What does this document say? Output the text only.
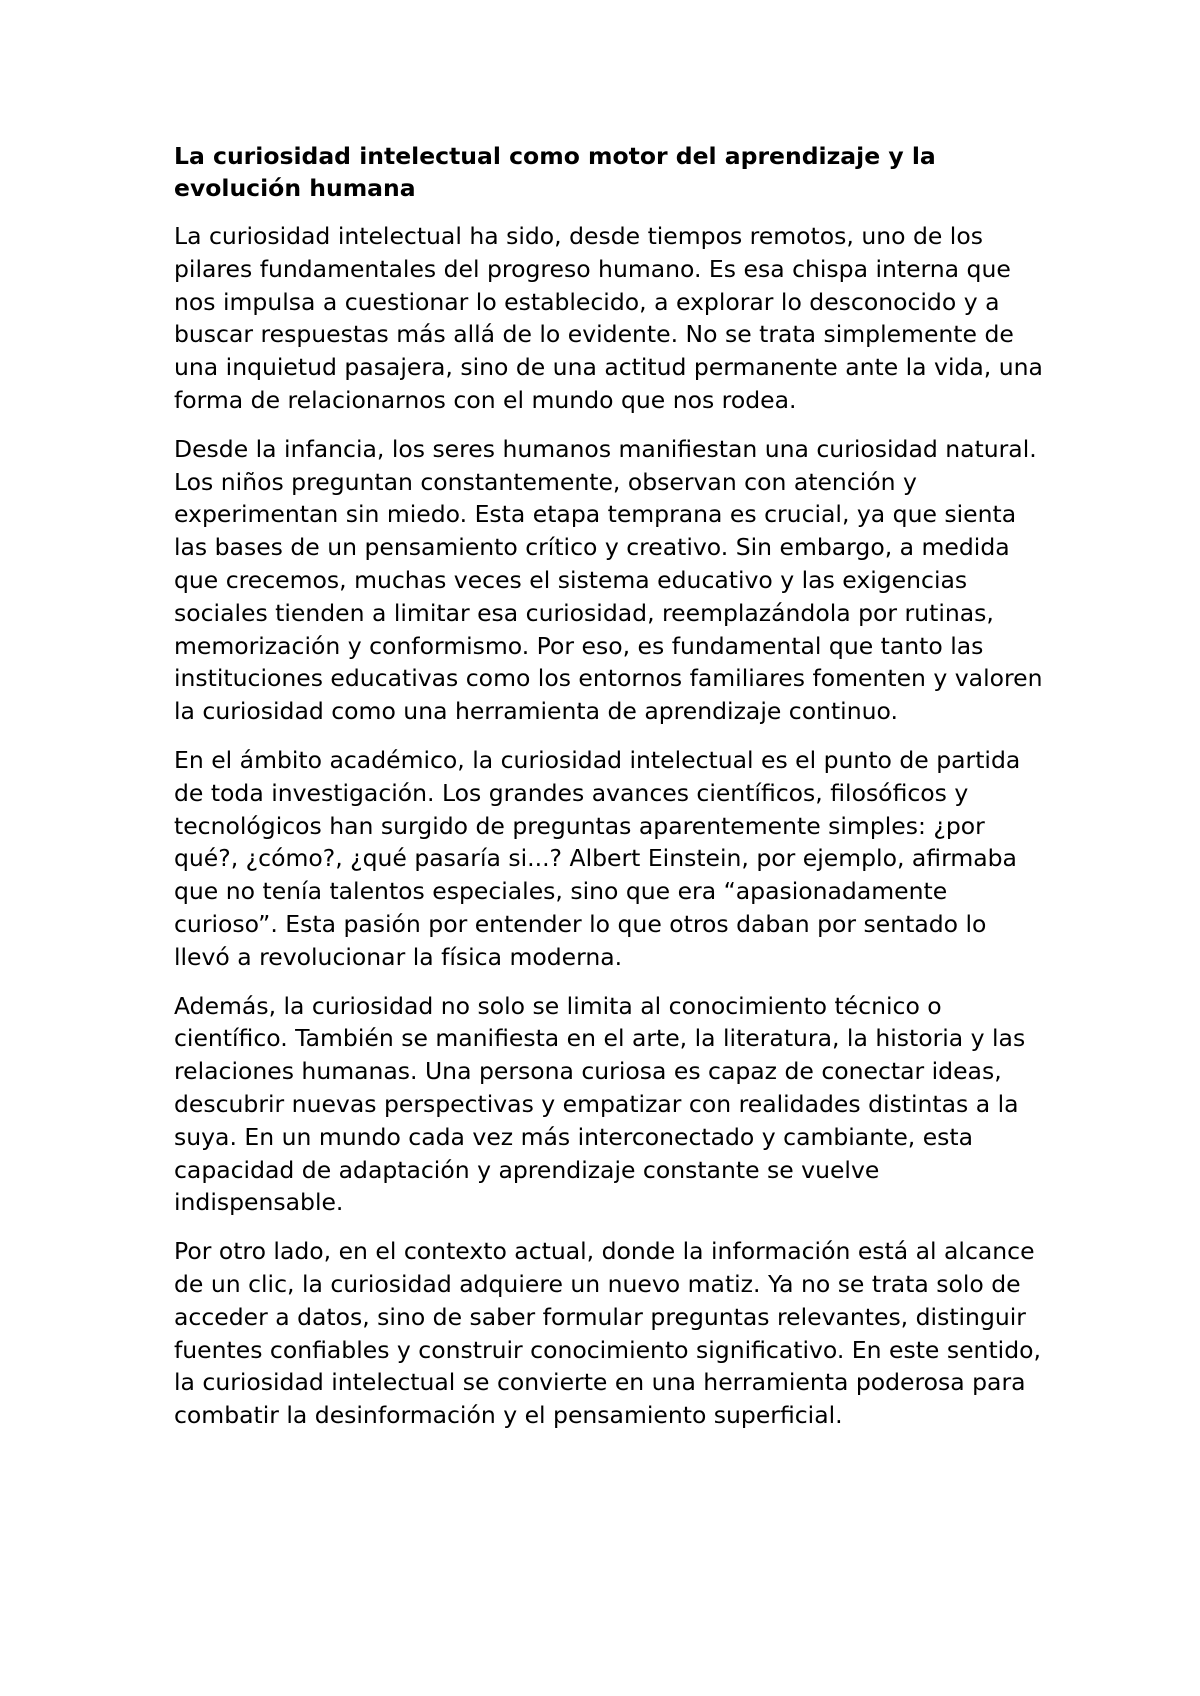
La curiosidad intelectual como motor del aprendizaje y la evolución humana

La curiosidad intelectual ha sido, desde tiempos remotos, uno de los pilares fundamentales del progreso humano. Es esa chispa interna que nos impulsa a cuestionar lo establecido, a explorar lo desconocido y a buscar respuestas más allá de lo evidente. No se trata simplemente de una inquietud pasajera, sino de una actitud permanente ante la vida, una forma de relacionarnos con el mundo que nos rodea.

Desde la infancia, los seres humanos manifiestan una curiosidad natural. Los niños preguntan constantemente, observan con atención y experimentan sin miedo. Esta etapa temprana es crucial, ya que sienta las bases de un pensamiento crítico y creativo. Sin embargo, a medida que crecemos, muchas veces el sistema educativo y las exigencias sociales tienden a limitar esa curiosidad, reemplazándola por rutinas, memorización y conformismo. Por eso, es fundamental que tanto las instituciones educativas como los entornos familiares fomenten y valoren la curiosidad como una herramienta de aprendizaje continuo.

En el ámbito académico, la curiosidad intelectual es el punto de partida de toda investigación. Los grandes avances científicos, filosóficos y tecnológicos han surgido de preguntas aparentemente simples: ¿por qué?, ¿cómo?, ¿qué pasaría si...? Albert Einstein, por ejemplo, afirmaba que no tenía talentos especiales, sino que era “apasionadamente curioso”. Esta pasión por entender lo que otros daban por sentado lo llevó a revolucionar la física moderna.

Además, la curiosidad no solo se limita al conocimiento técnico o científico. También se manifiesta en el arte, la literatura, la historia y las relaciones humanas. Una persona curiosa es capaz de conectar ideas, descubrir nuevas perspectivas y empatizar con realidades distintas a la suya. En un mundo cada vez más interconectado y cambiante, esta capacidad de adaptación y aprendizaje constante se vuelve indispensable.

Por otro lado, en el contexto actual, donde la información está al alcance de un clic, la curiosidad adquiere un nuevo matiz. Ya no se trata solo de acceder a datos, sino de saber formular preguntas relevantes, distinguir fuentes confiables y construir conocimiento significativo. En este sentido, la curiosidad intelectual se convierte en una herramienta poderosa para combatir la desinformación y el pensamiento superficial.
